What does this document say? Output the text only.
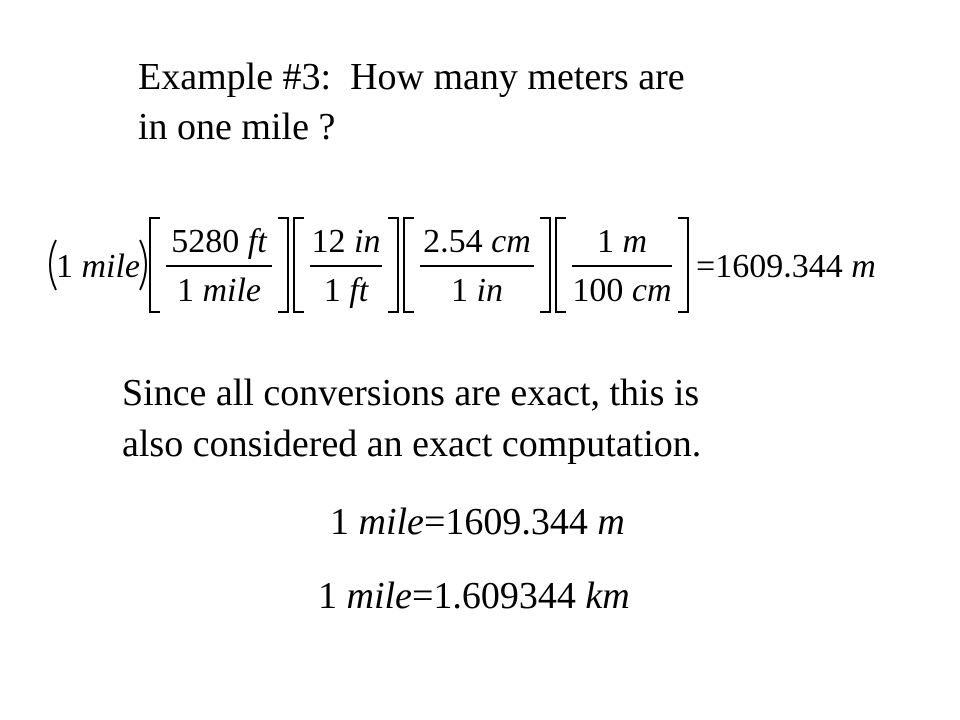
Example #3:  How many meters are
in one mile ?
1 mile
5280 ft
1 mile
12 in
1 ft
2.54 cm
1 in
1 m
100 cm
=1609.344 m
Since all conversions are exact, this is
also considered an exact computation.
1 mile=1609.344 m
1 mile=1.609344 km
